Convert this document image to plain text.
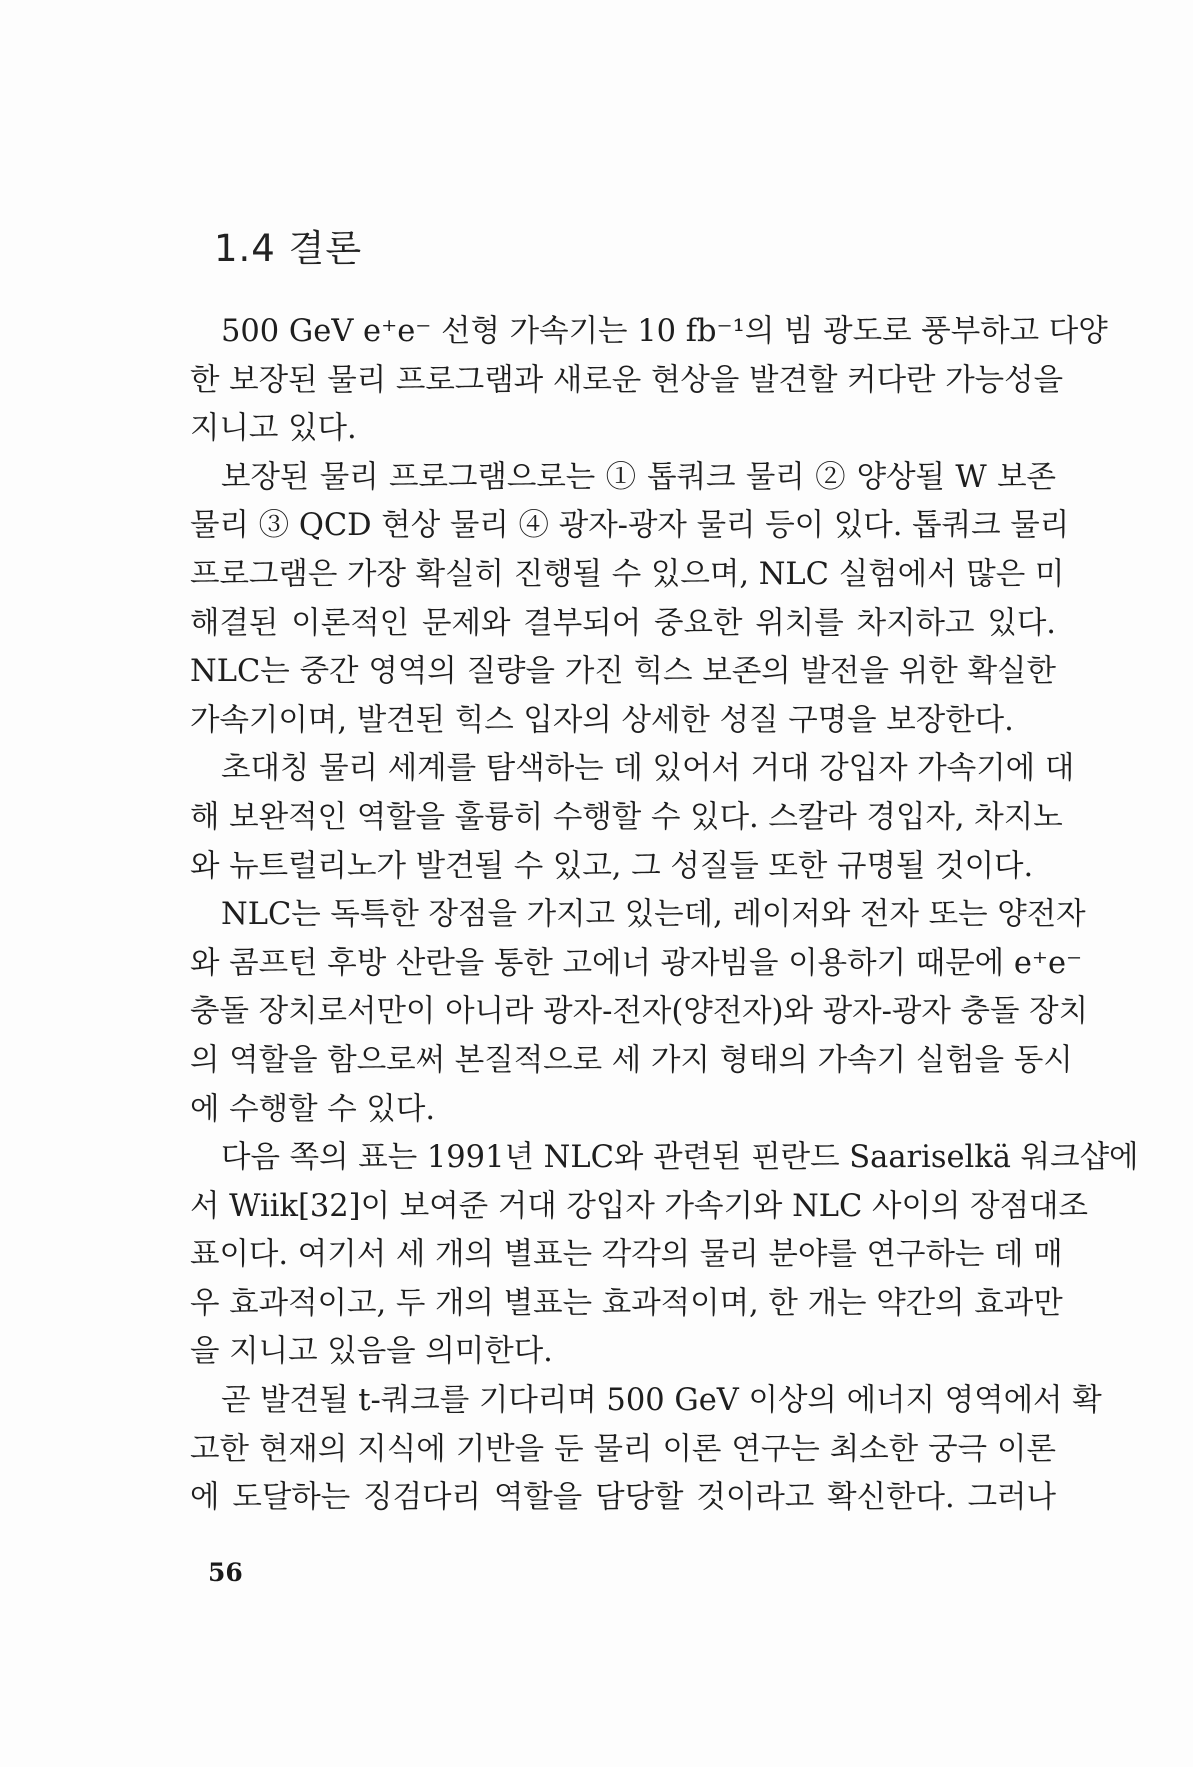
1.4 결론
500 GeV e⁺e⁻ 선형 가속기는 10 fb⁻¹의 빔 광도로 풍부하고 다양
한 보장된 물리 프로그램과 새로운 현상을 발견할 커다란 가능성을
지니고 있다.
보장된 물리 프로그램으로는 ① 톱쿼크 물리 ② 양상될 W 보존
물리 ③ QCD 현상 물리 ④ 광자-광자 물리 등이 있다. 톱쿼크 물리
프로그램은 가장 확실히 진행될 수 있으며, NLC 실험에서 많은 미
해결된 이론적인 문제와 결부되어 중요한 위치를 차지하고 있다.
NLC는 중간 영역의 질량을 가진 힉스 보존의 발전을 위한 확실한
가속기이며, 발견된 힉스 입자의 상세한 성질 구명을 보장한다.
초대칭 물리 세계를 탐색하는 데 있어서 거대 강입자 가속기에 대
해 보완적인 역할을 훌륭히 수행할 수 있다. 스칼라 경입자, 차지노
와 뉴트럴리노가 발견될 수 있고, 그 성질들 또한 규명될 것이다.
NLC는 독특한 장점을 가지고 있는데, 레이저와 전자 또는 양전자
와 콤프턴 후방 산란을 통한 고에너 광자빔을 이용하기 때문에 e⁺e⁻
충돌 장치로서만이 아니라 광자-전자(양전자)와 광자-광자 충돌 장치
의 역할을 함으로써 본질적으로 세 가지 형태의 가속기 실험을 동시
에 수행할 수 있다.
다음 쪽의 표는 1991년 NLC와 관련된 핀란드 Saariselkä 워크샵에
서 Wiik[32]이 보여준 거대 강입자 가속기와 NLC 사이의 장점대조
표이다. 여기서 세 개의 별표는 각각의 물리 분야를 연구하는 데 매
우 효과적이고, 두 개의 별표는 효과적이며, 한 개는 약간의 효과만
을 지니고 있음을 의미한다.
곧 발견될 t-쿼크를 기다리며 500 GeV 이상의 에너지 영역에서 확
고한 현재의 지식에 기반을 둔 물리 이론 연구는 최소한 궁극 이론
에 도달하는 징검다리 역할을 담당할 것이라고 확신한다. 그러나
56
